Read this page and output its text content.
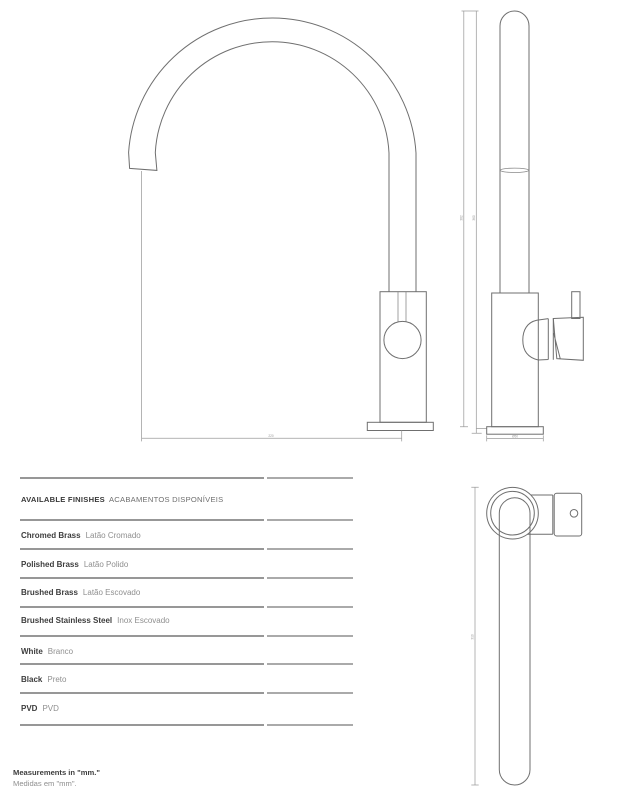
220
382	360
Ø50
310
AVAILABLE FINISHES ACABAMENTOS DISPONÍVEIS
Chromed Brass Latão Cromado
Polished Brass Latão Polido
Brushed Brass Latão Escovado
Brushed Stainless Steel Inox Escovado
White Branco
Black Preto
PVD PVD
Measurements in "mm."
Medidas em "mm".
